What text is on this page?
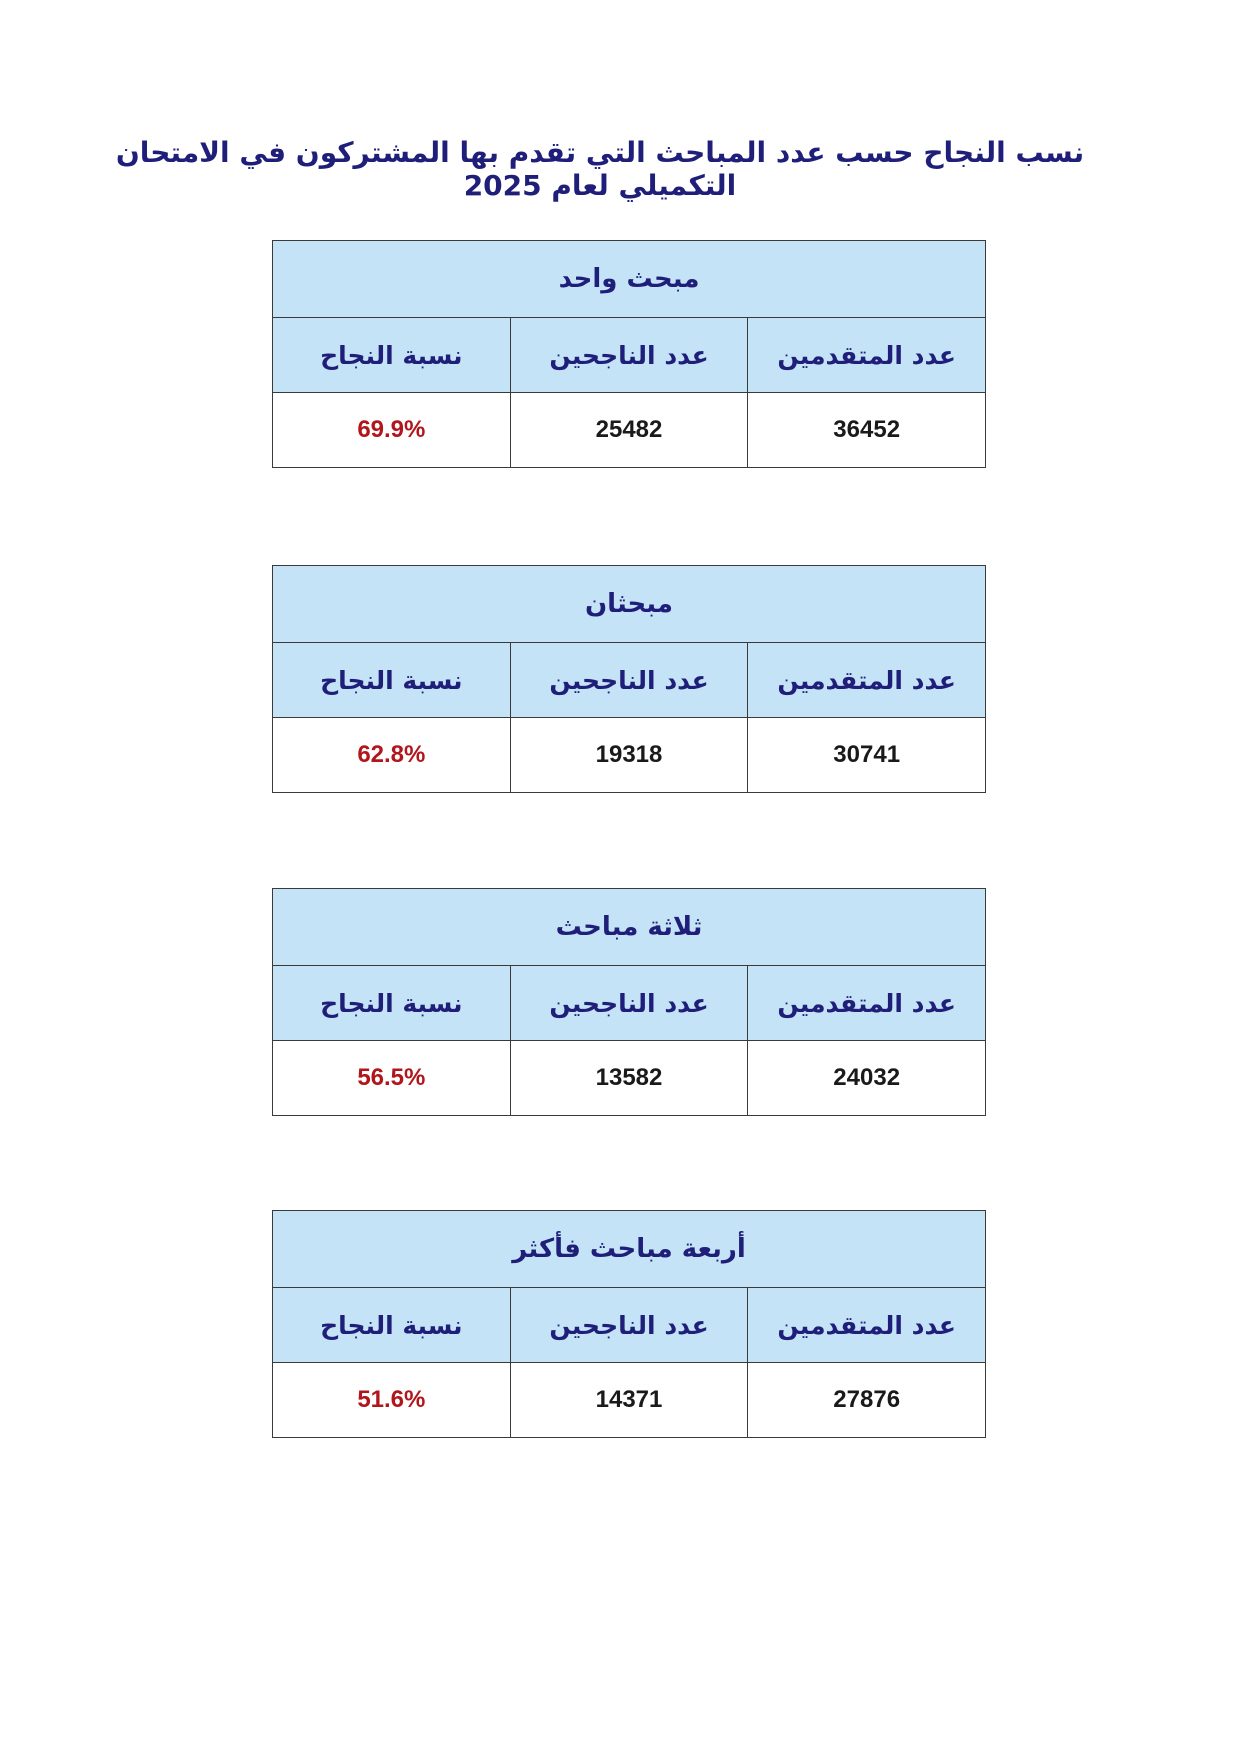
نسب النجاح حسب عدد المباحث التي تقدم بها المشتركون في الامتحان التكميلي لعام 2025
مبحث واحد		
عدد المتقدمين	عدد الناجحين	نسبة النجاح
36452	25482	69.9%
مبحثان		
عدد المتقدمين	عدد الناجحين	نسبة النجاح
30741	19318	62.8%
ثلاثة مباحث		
عدد المتقدمين	عدد الناجحين	نسبة النجاح
24032	13582	56.5%
أربعة مباحث فأكثر		
عدد المتقدمين	عدد الناجحين	نسبة النجاح
27876	14371	51.6%
